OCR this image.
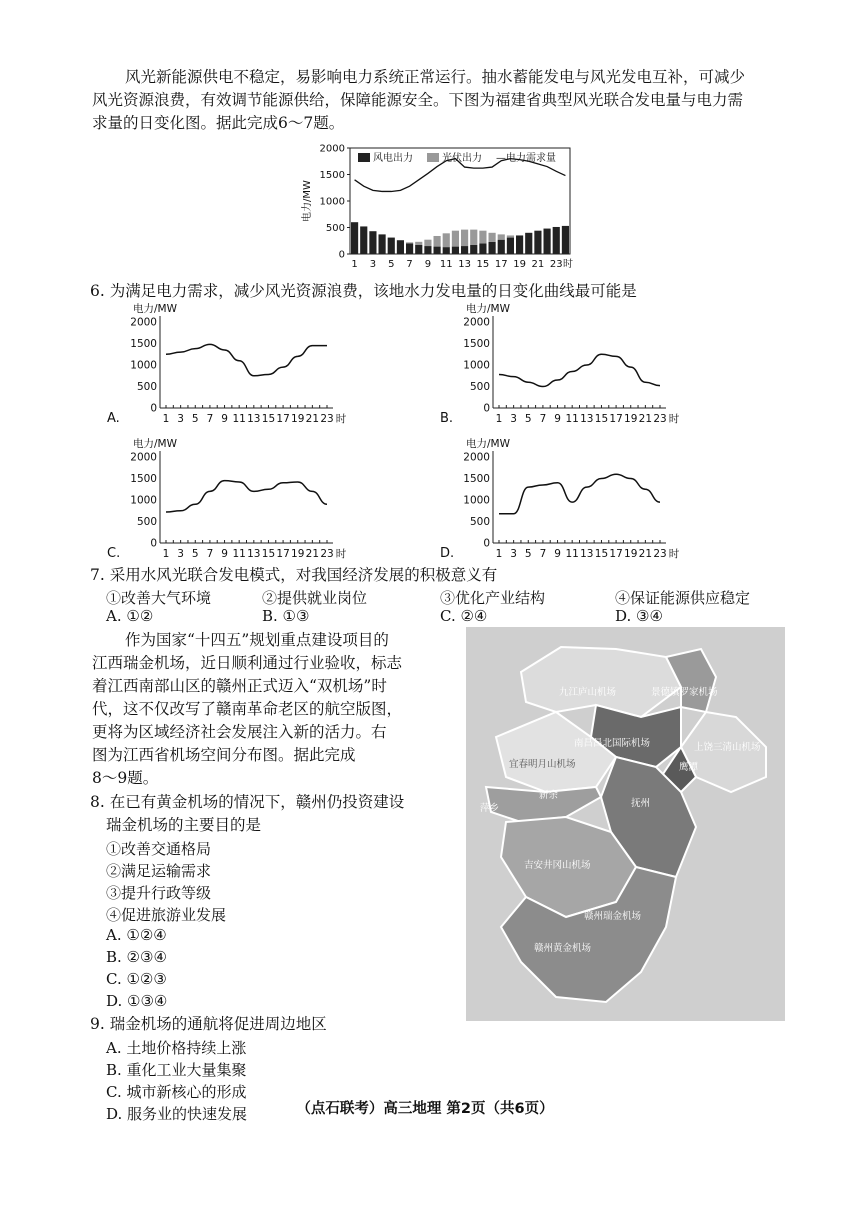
风光新能源供电不稳定，易影响电力系统正常运行。抽水蓄能发电与风光发电互补，可减少
风光资源浪费，有效调节能源供给，保障能源安全。下图为福建省典型风光联合发电量与电力需
求量的日变化图。据此完成6～7题。
风电出力	光伏出力 —电力需求量
2000
1500
1000
500
0
电力/MW
1 3 5 7 9 11 13 15 17 19 21 23 时
6. 为满足电力需求，减少风光资源浪费，该地水力发电量的日变化曲线最可能是
电力/MW
2000
1500
1000
500
0
1 3 5 7 9 11 13 15 17 19 21 23 时
A.
电力/MW
2000
1500
1000
500
0
1 3 5 7 9 11 13 15 17 19 21 23 时
B.
电力/MW
2000
1500
1000
500
0
1 3 5 7 9 11 13 15 17 19 21 23 时
C.
电力/MW
2000
1500
1000
500
0
1 3 5 7 9 11 13 15 17 19 21 23 时
D.
7. 采用水风光联合发电模式，对我国经济发展的积极意义有
①改善大气环境	②提供就业岗位	③优化产业结构	④保证能源供应稳定
A. ①②	B. ①③	C. ②④	D. ③④
作为国家“十四五”规划重点建设项目的
江西瑞金机场，近日顺利通过行业验收，标志
着江西南部山区的赣州正式迈入“双机场”时
代，这不仅改写了赣南革命老区的航空版图，
更将为区域经济社会发展注入新的活力。右
图为江西省机场空间分布图。据此完成
8～9题。
8. 在已有黄金机场的情况下，赣州仍投资建设
瑞金机场的主要目的是
①改善交通格局
②满足运输需求
③提升行政等级
④促进旅游业发展
A. ①②④
B. ②③④
C. ①②③
D. ①③④
9. 瑞金机场的通航将促进周边地区
A. 土地价格持续上涨
B. 重化工业大量集聚
C. 城市新核心的形成
D. 服务业的快速发展
九江庐山机场	景德镇罗家机场
南昌昌北国际机场	上饶三清山机场
宜春明月山机场	鹰潭
新余
萍乡	抚州
吉安井冈山机场
赣州瑞金机场
赣州黄金机场
（点石联考）高三地理 第2页（共6页）
